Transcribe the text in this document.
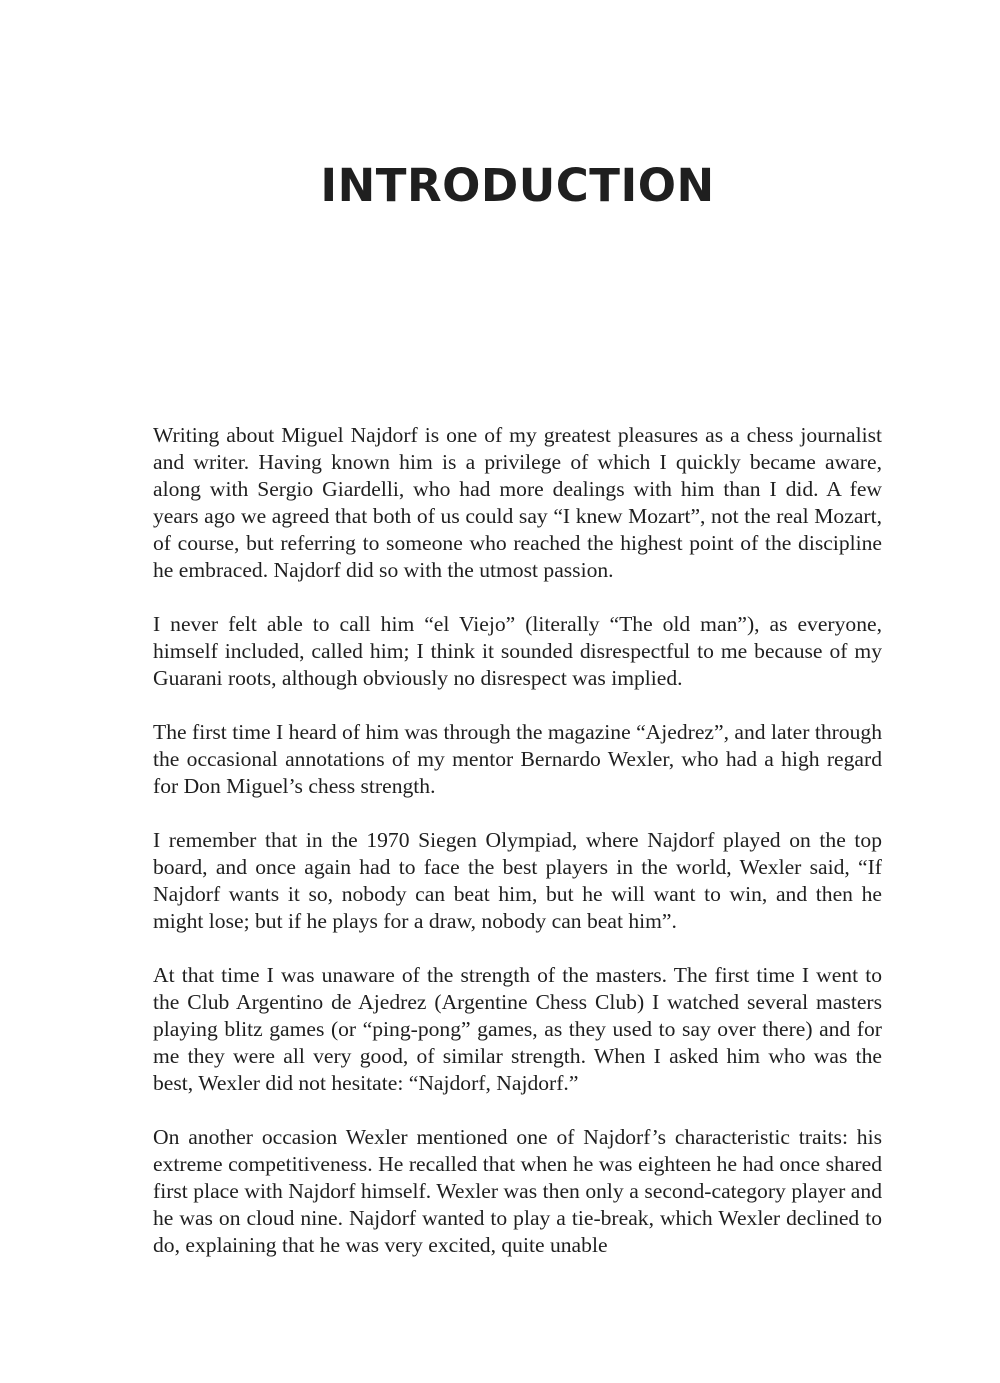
INTRODUCTION

Writing about Miguel Najdorf is one of my greatest pleasures as a chess journalist and writer. Having known him is a privilege of which I quickly became aware, along with Sergio Giardelli, who had more dealings with him than I did. A few years ago we agreed that both of us could say “I knew Mozart”, not the real Mozart, of course, but referring to someone who reached the highest point of the discipline he embraced. Najdorf did so with the utmost passion.

I never felt able to call him “el Viejo” (literally “The old man”), as everyone, himself included, called him; I think it sounded disrespectful to me because of my Guarani roots, although obviously no disrespect was implied.

The first time I heard of him was through the magazine “Ajedrez”, and later through the occasional annotations of my mentor Bernardo Wexler, who had a high regard for Don Miguel’s chess strength.

I remember that in the 1970 Siegen Olympiad, where Najdorf played on the top board, and once again had to face the best players in the world, Wexler said, “If Najdorf wants it so, nobody can beat him, but he will want to win, and then he might lose; but if he plays for a draw, nobody can beat him”.

At that time I was unaware of the strength of the masters. The first time I went to the Club Argentino de Ajedrez (Argentine Chess Club) I watched several masters playing blitz games (or “ping-pong” games, as they used to say over there) and for me they were all very good, of similar strength. When I asked him who was the best, Wexler did not hesitate: “Najdorf, Najdorf.”

On another occasion Wexler mentioned one of Najdorf’s characteristic traits: his extreme competitiveness. He recalled that when he was eighteen he had once shared first place with Najdorf himself. Wexler was then only a second-category player and he was on cloud nine. Najdorf wanted to play a tie-break, which Wexler declined to do, explaining that he was very excited, quite unable
